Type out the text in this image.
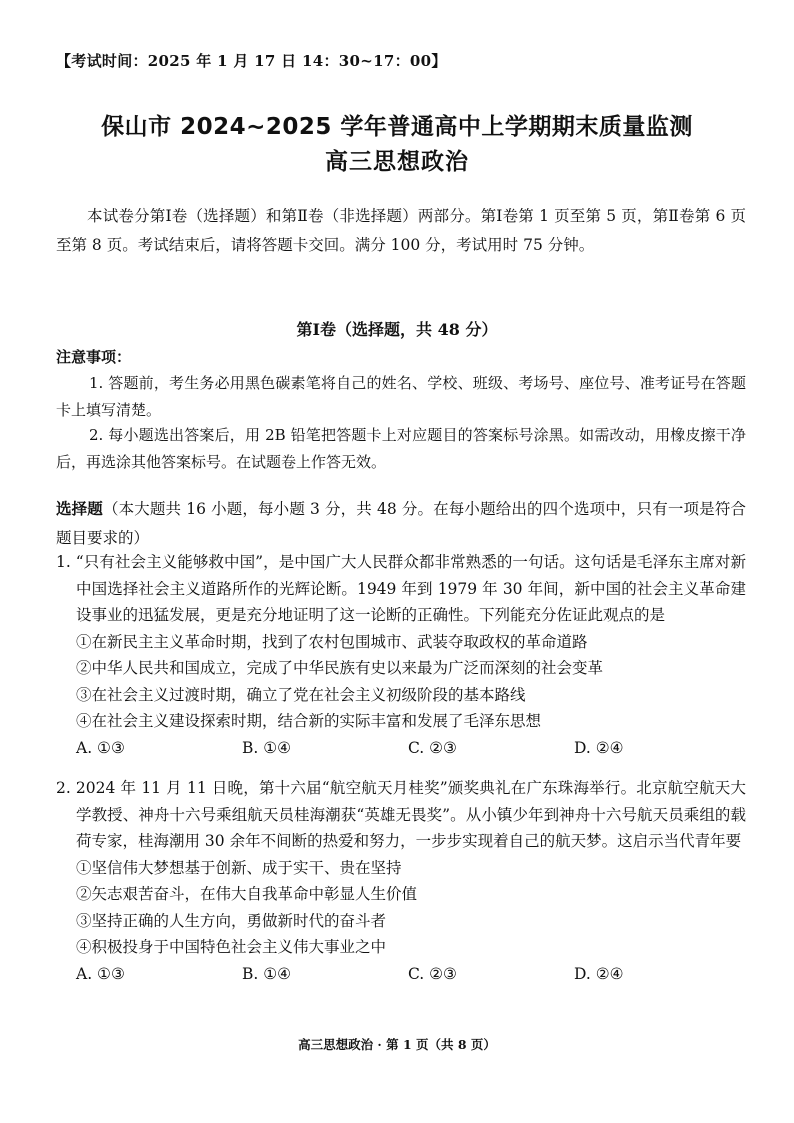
【考试时间：2025 年 1 月 17 日 14：30~17：00】
保山市 2024~2025 学年普通高中上学期期末质量监测
高三思想政治
本试卷分第Ⅰ卷（选择题）和第Ⅱ卷（非选择题）两部分。第Ⅰ卷第 1 页至第 5 页，第Ⅱ卷第 6 页至第 8 页。考试结束后，请将答题卡交回。满分 100 分，考试用时 75 分钟。
第Ⅰ卷（选择题，共 48 分）
注意事项：
1. 答题前，考生务必用黑色碳素笔将自己的姓名、学校、班级、考场号、座位号、准考证号在答题卡上填写清楚。
2. 每小题选出答案后，用 2B 铅笔把答题卡上对应题目的答案标号涂黑。如需改动，用橡皮擦干净后，再选涂其他答案标号。在试题卷上作答无效。
选择题（本大题共 16 小题，每小题 3 分，共 48 分。在每小题给出的四个选项中，只有一项是符合题目要求的）
1. “只有社会主义能够救中国”，是中国广大人民群众都非常熟悉的一句话。这句话是毛泽东主席对新中国选择社会主义道路所作的光辉论断。1949 年到 1979 年 30 年间，新中国的社会主义革命建设事业的迅猛发展，更是充分地证明了这一论断的正确性。下列能充分佐证此观点的是
①在新民主主义革命时期，找到了农村包围城市、武装夺取政权的革命道路
②中华人民共和国成立，完成了中华民族有史以来最为广泛而深刻的社会变革
③在社会主义过渡时期，确立了党在社会主义初级阶段的基本路线
④在社会主义建设探索时期，结合新的实际丰富和发展了毛泽东思想
A. ①③	B. ①④	C. ②③	D. ②④
2. 2024 年 11 月 11 日晚，第十六届“航空航天月桂奖”颁奖典礼在广东珠海举行。北京航空航天大学教授、神舟十六号乘组航天员桂海潮获“英雄无畏奖”。从小镇少年到神舟十六号航天员乘组的载荷专家，桂海潮用 30 余年不间断的热爱和努力，一步步实现着自己的航天梦。这启示当代青年要
①坚信伟大梦想基于创新、成于实干、贵在坚持
②矢志艰苦奋斗，在伟大自我革命中彰显人生价值
③坚持正确的人生方向，勇做新时代的奋斗者
④积极投身于中国特色社会主义伟大事业之中
A. ①③	B. ①④	C. ②③	D. ②④
高三思想政治 · 第 1 页（共 8 页）
